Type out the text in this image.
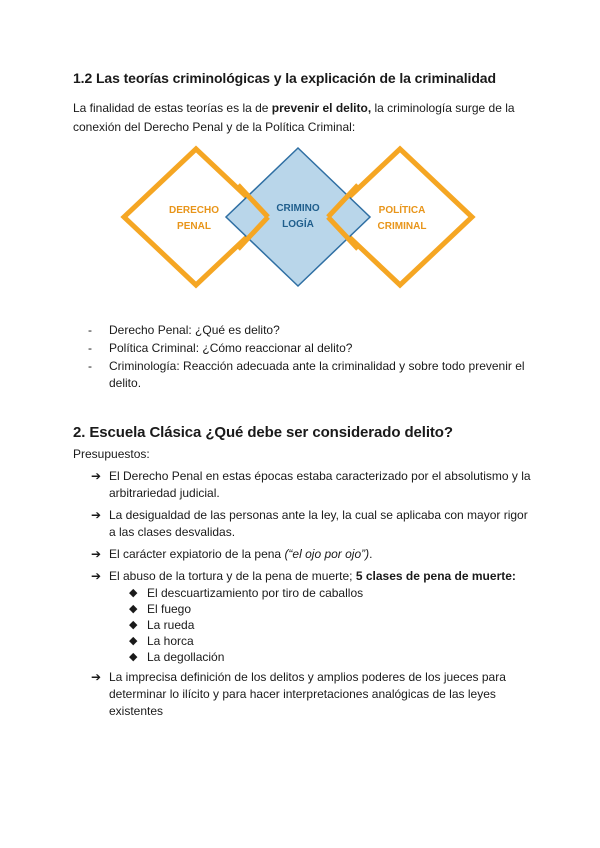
1.2 Las teorías criminológicas y la explicación de la criminalidad

La finalidad de estas teorías es la de prevenir el delito, la criminología surge de la conexión del Derecho Penal y de la Política Criminal:

DERECHO
PENAL
CRIMINO
LOGÍA
POLÍTICA
CRIMINAL
- Derecho Penal: ¿Qué es delito?
- Política Criminal: ¿Cómo reaccionar al delito?
- Criminología: Reacción adecuada ante la criminalidad y sobre todo prevenir el delito.
2. Escuela Clásica ¿Qué debe ser considerado delito?

Presupuestos:

➔ El Derecho Penal en estas épocas estaba caracterizado por el absolutismo y la arbitrariedad judicial.
➔ La desigualdad de las personas ante la ley, la cual se aplicaba con mayor rigor a las clases desvalidas.
➔ El carácter expiatorio de la pena (“el ojo por ojo”).
➔ El abuso de la tortura y de la pena de muerte; 5 clases de pena de muerte:
◆ El descuartizamiento por tiro de caballos
◆ El fuego
◆ La rueda
◆ La horca
◆ La degollación
➔ La imprecisa definición de los delitos y amplios poderes de los jueces para determinar lo ilícito y para hacer interpretaciones analógicas de las leyes existentes
